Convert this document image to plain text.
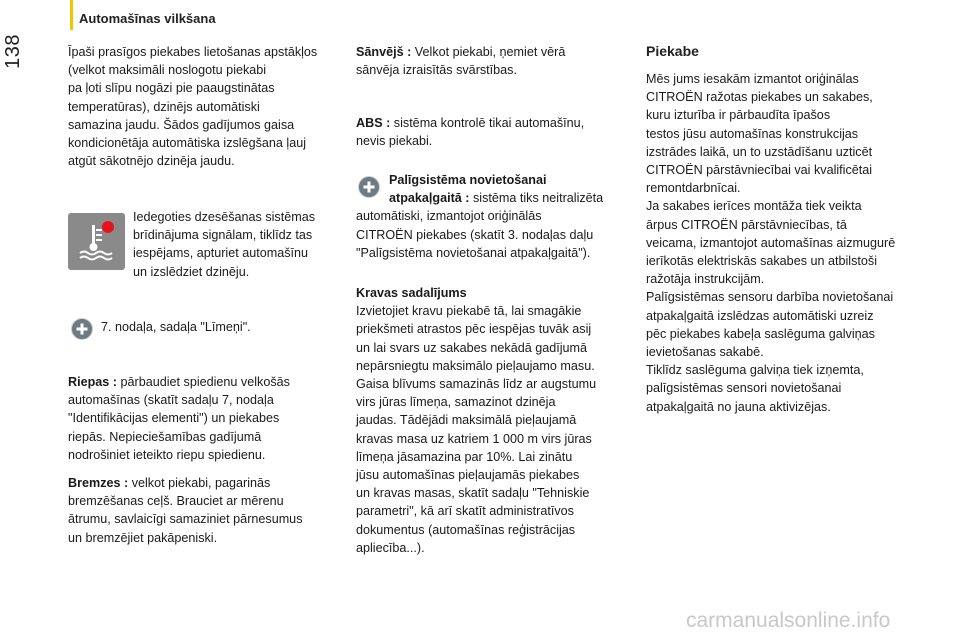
138
Automašīnas vilkšana

Īpaši prasīgos piekabes lietošanas apstākļos

(velkot maksimāli noslogotu piekabi

pa ļoti slīpu nogāzi pie paaugstinātas

temperatūras), dzinējs automātiski

samazina jaudu. Šādos gadījumos gaisa

kondicionētāja automātiska izslēgšana ļauj

atgūt sākotnējo dzinēja jaudu.

Iedegoties dzesēšanas sistēmas

brīdinājuma signālam, tiklīdz tas

iespējams, apturiet automašīnu

un izslēdziet dzinēju.

7. nodaļa, sadaļa "Līmeņi".

Riepas : pārbaudiet spiedienu velkošās

automašīnas (skatīt sadaļu 7, nodaļa

"Identifikācijas elementi") un piekabes

riepās. Nepieciešamības gadījumā

nodrošiniet ieteikto riepu spiedienu.

Bremzes : velkot piekabi, pagarinās

bremzēšanas ceļš. Brauciet ar mērenu

ātrumu, savlaicīgi samaziniet pārnesumus

un bremzējiet pakāpeniski.

Sānvējš : Velkot piekabi, ņemiet vērā

sānvēja izraisītās svārstības.

ABS : sistēma kontrolē tikai automašīnu,

nevis piekabi.

Palīgsistēma novietošanai

atpakaļgaitā : sistēma tiks neitralizēta

automātiski, izmantojot oriģinālās

CITROËN piekabes (skatīt 3. nodaļas daļu

"Palīgsistēma novietošanai atpakaļgaitā").

Kravas sadalījums

Izvietojiet kravu piekabē tā, lai smagākie

priekšmeti atrastos pēc iespējas tuvāk asij

un lai svars uz sakabes nekādā gadījumā

nepārsniegtu maksimālo pieļaujamo masu.

Gaisa blīvums samazinās līdz ar augstumu

virs jūras līmeņa, samazinot dzinēja

jaudas. Tādējādi maksimālā pieļaujamā

kravas masa uz katriem 1 000 m virs jūras

līmeņa jāsamazina par 10%. Lai zinātu

jūsu automašīnas pieļaujamās piekabes

un kravas masas, skatīt sadaļu "Tehniskie

parametri", kā arī skatīt administratīvos

dokumentus (automašīnas reģistrācijas

apliecība...).

Piekabe

Mēs jums iesakām izmantot oriģinālas

CITROËN ražotas piekabes un sakabes,

kuru izturība ir pārbaudīta īpašos

testos jūsu automašīnas konstrukcijas

izstrādes laikā, un to uzstādīšanu uzticēt

CITROËN pārstāvniecībai vai kvalificētai

remontdarbnīcai.

Ja sakabes ierīces montāža tiek veikta

ārpus CITROËN pārstāvniecības, tā

veicama, izmantojot automašīnas aizmugurē

ierīkotās elektriskās sakabes un atbilstoši

ražotāja instrukcijām.

Palīgsistēmas sensoru darbība novietošanai

atpakaļgaitā izslēdzas automātiski uzreiz

pēc piekabes kabeļa saslēguma galviņas

ievietošanas sakabē.

Tiklīdz saslēguma galviņa tiek izņemta,

palīgsistēmas sensori novietošanai

atpakaļgaitā no jauna aktivizējas.

carmanualsonline.info
